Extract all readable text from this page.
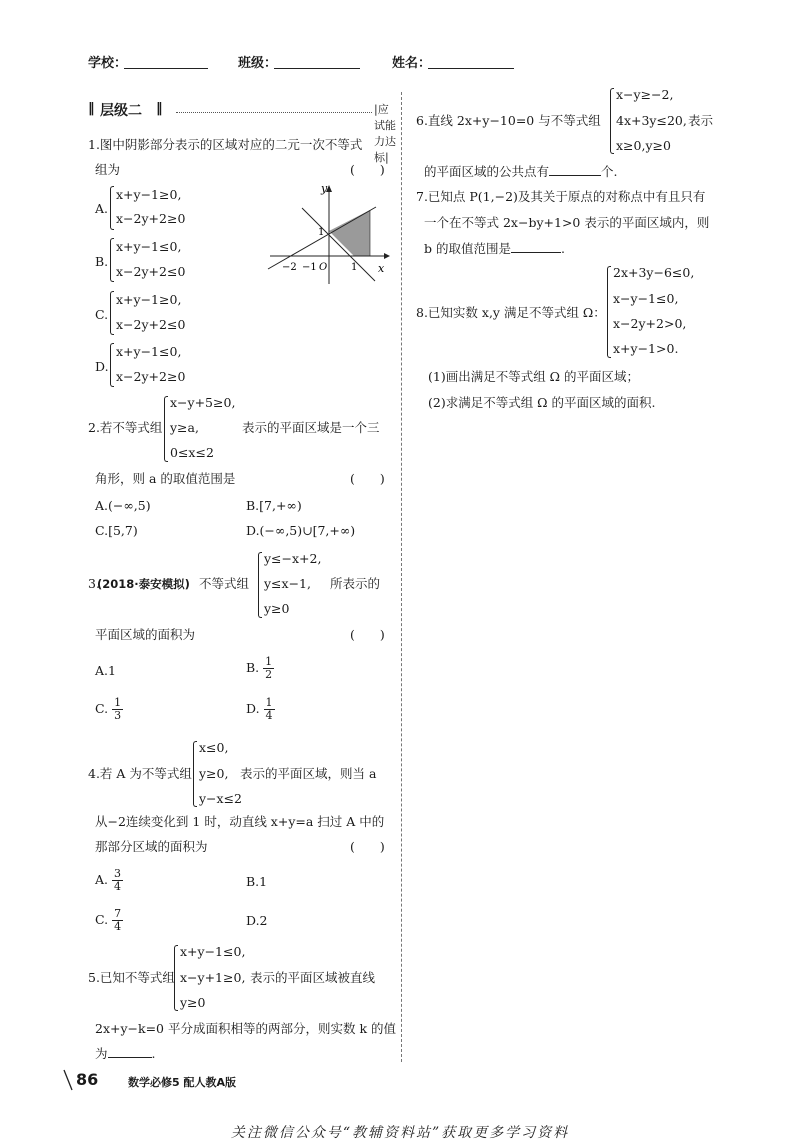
学校：	班级：	姓名：
‖ 层级二 ‖	|应试能力达标|
1.图中阴影部分表示的区域对应的二元一次不等式
组为	(　　)
A.
x+y−1≥0,
x−2y+2≥0
B.
x+y−1≤0,
x−2y+2≤0
C.
x+y−1≥0,
x−2y+2≤0
D.
x+y−1≤0,
x−2y+2≥0
y
x
1
O
−2 −1	1
2.若不等式组
x−y+5≥0,
y≥a,
0≤x≤2
表示的平面区域是一个三
角形，则 a 的取值范围是	(　　)
A.(−∞,5)	B.[7,+∞)
C.[5,7)	D.(−∞,5)∪[7,+∞)
3.
(2018·泰安模拟) 不等式组
y≤−x+2,
y≤x−1,
y≥0
所表示的
平面区域的面积为	(　　)
A.1	B. $\frac{1}{2}$
C. $\frac{1}{3}$	D. $\frac{1}{4}$
4.若 A 为不等式组
x≤0,
y≥0,
y−x≤2
表示的平面区域，则当 a
从−2连续变化到 1 时，动直线 x+y=a 扫过 A 中的
那部分区域的面积为	(　　)
A. $\frac{3}{4}$	B.1
C. $\frac{7}{4}$	D.2
5.已知不等式组
x+y−1≤0,
x−y+1≥0,
y≥0
表示的平面区域被直线
2x+y−k=0 平分成面积相等的两部分，则实数 k 的值
为	.
6.直线 2x+y−10=0 与不等式组
x−y≥−2,
4x+3y≤20,
x≥0,y≥0
表示
的平面区域的公共点有	个.
7.已知点 P(1,−2)及其关于原点的对称点中有且只有
一个在不等式 2x−by+1>0 表示的平面区域内，则
b 的取值范围是	.
8.已知实数 x,y 满足不等式组 Ω：
2x+3y−6≤0,
x−y−1≤0,
x−2y+2>0,
x+y−1>0.
(1)画出满足不等式组 Ω 的平面区域；
(2)求满足不等式组 Ω 的平面区域的面积.
86	数学必修5 配人教A版
关注微信公众号“教辅资料站”获取更多学习资料
